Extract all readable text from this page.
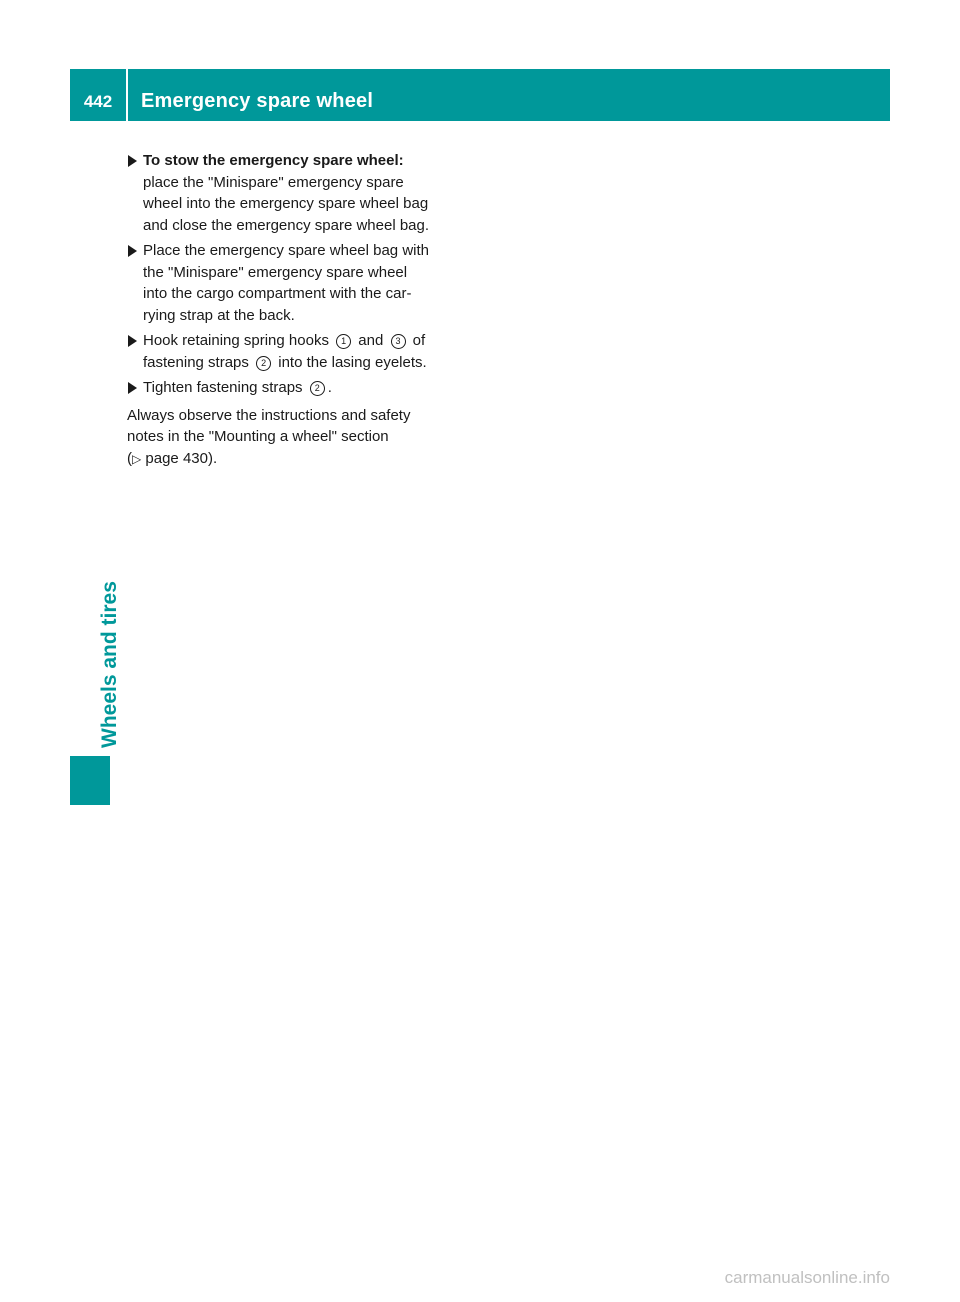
442	Emergency spare wheel
Wheels and tires
To stow the emergency spare wheel:
place the "Minispare" emergency spare
wheel into the emergency spare wheel bag
and close the emergency spare wheel bag.
Place the emergency spare wheel bag with
the "Minispare" emergency spare wheel
into the cargo compartment with the car-
rying strap at the back.
Hook retaining spring hooks 1 and 3 of
fastening straps 2 into the lasing eyelets.
Tighten fastening straps 2 .
Always observe the instructions and safety
notes in the "Mounting a wheel" section
(▷ page 430).
carmanualsonline.info
